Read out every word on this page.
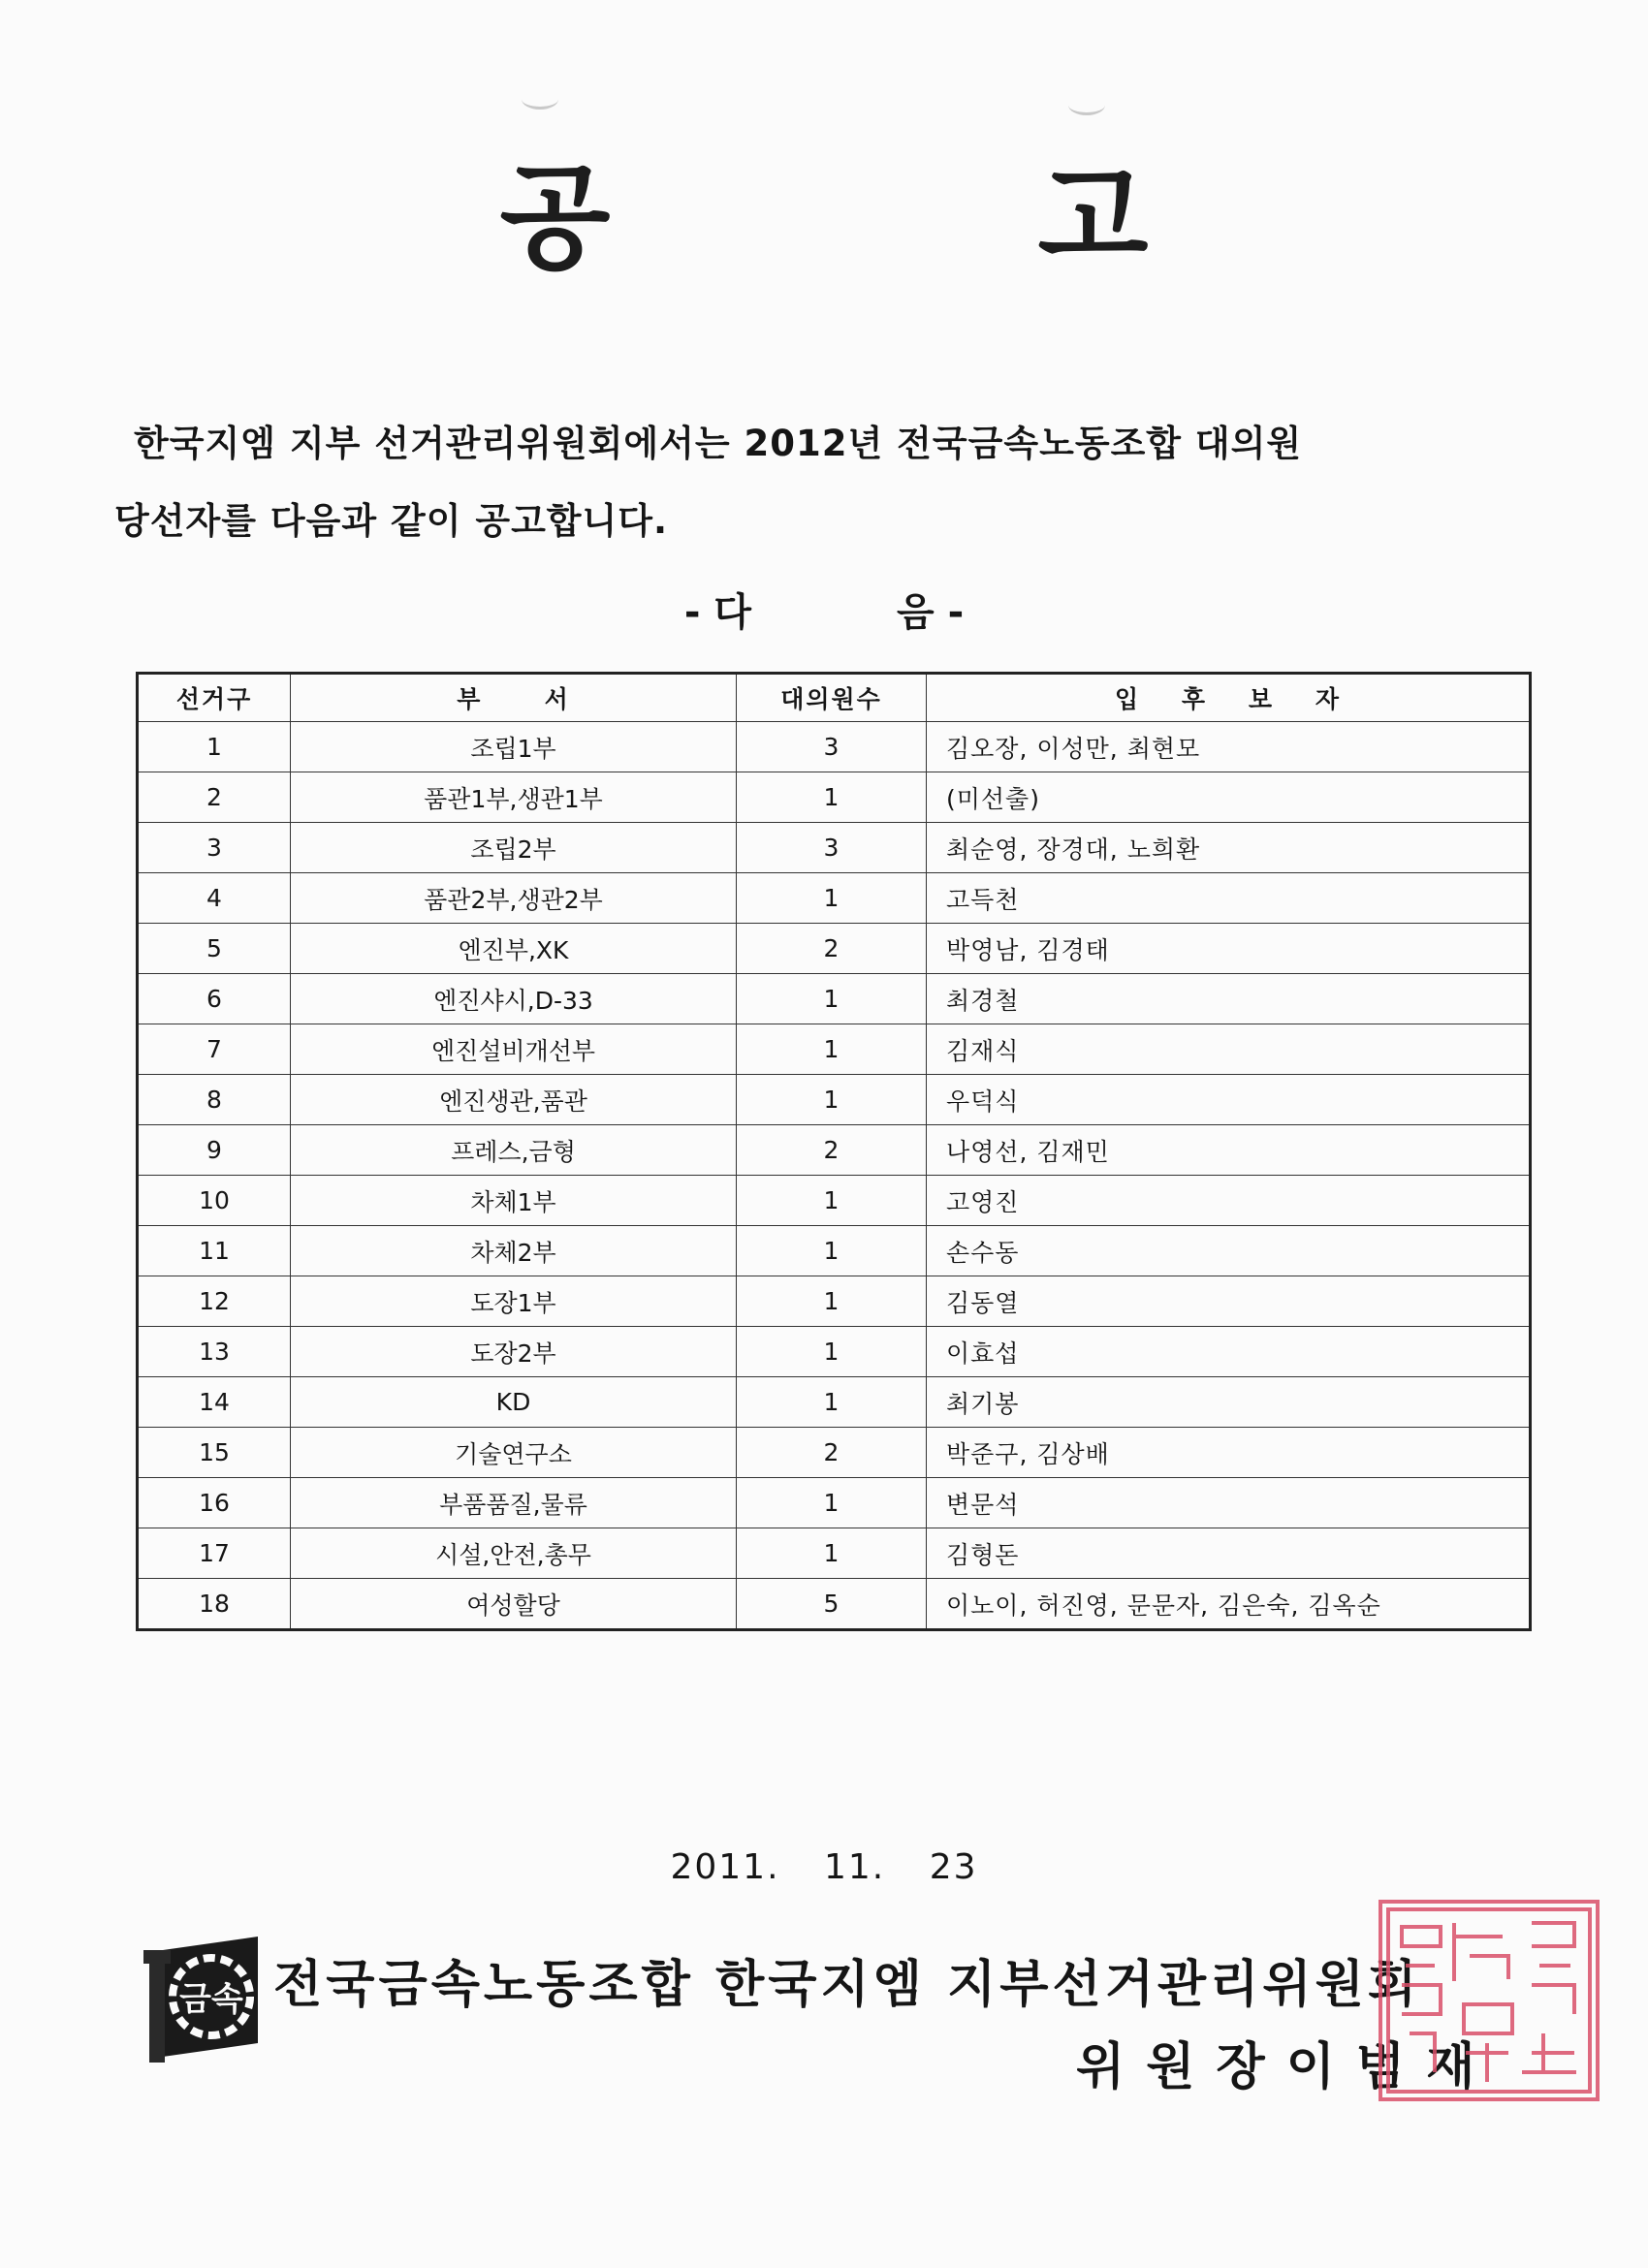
공 고

한국지엠 지부 선거관리위원회에서는 2012년 전국금속노동조합 대의원

당선자를 다음과 같이 공고합니다.

- 다	음 -
선거구	부      서	대의원수	입    후    보    자
1	조립1부	3	김오장, 이성만, 최현모
2	품관1부,생관1부	1	(미선출)
3	조립2부	3	최순영, 장경대, 노희환
4	품관2부,생관2부	1	고득천
5	엔진부,XK	2	박영남, 김경태
6	엔진샤시,D-33	1	최경철
7	엔진설비개선부	1	김재식
8	엔진생관,품관	1	우덕식
9	프레스,금형	2	나영선, 김재민
10	차체1부	1	고영진
11	차체2부	1	손수동
12	도장1부	1	김동열
13	도장2부	1	이효섭
14	KD	1	최기봉
15	기술연구소	2	박준구, 김상배
16	부품품질,물류	1	변문석
17	시설,안전,총무	1	김형돈
18	여성할당	5	이노이, 허진영, 문문자, 김은숙, 김옥순
2011. 11. 23
금속 전국금속노동조합 한국지엠 지부선거관리위원회
위원장이범재
